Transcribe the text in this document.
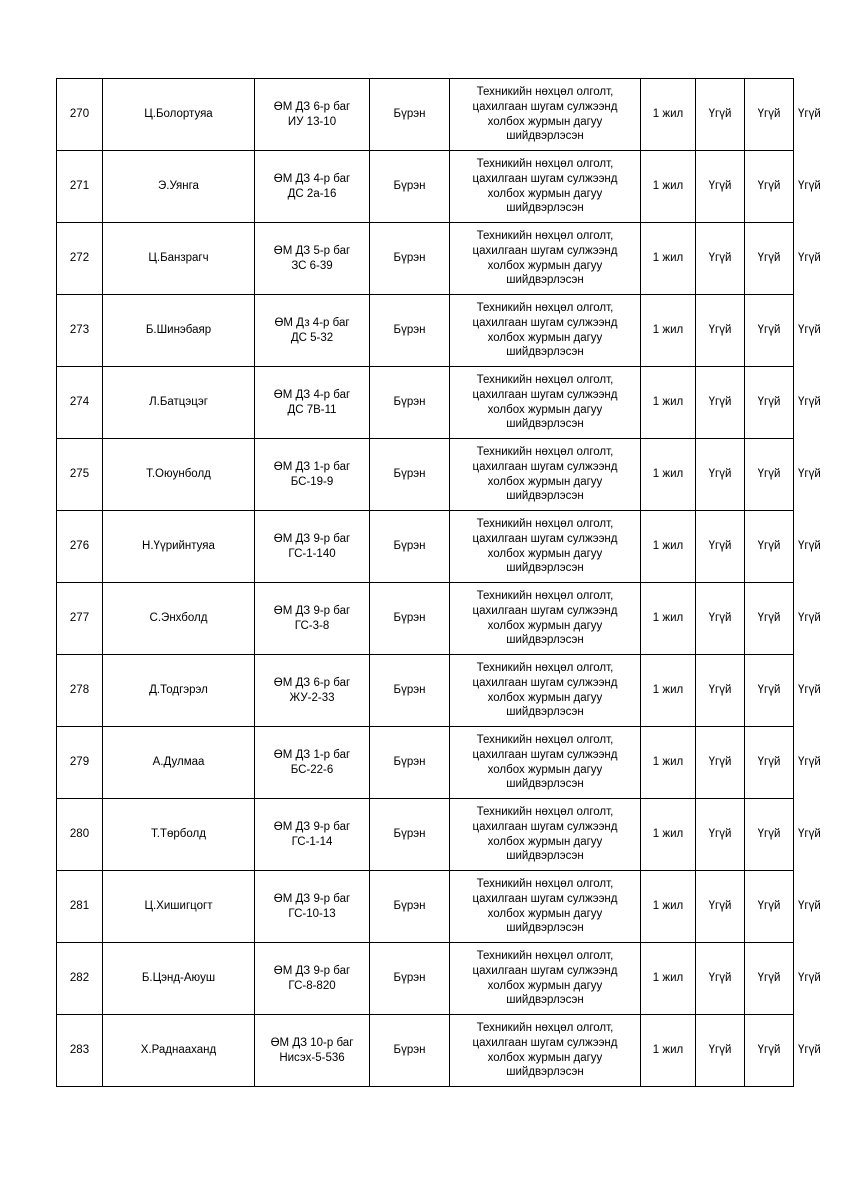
270	Ц.Болортуяа	ӨМ ДЗ 6-р баг
ИУ 13-10	Бүрэн	Техникийн нөхцөл олголт, цахилгаан шугам сулжээнд холбох журмын дагуу шийдвэрлэсэн	1 жил	Үгүй	Үгүй	Үгүй
271	Э.Уянга	ӨМ ДЗ 4-р баг
ДС 2а-16	Бүрэн	Техникийн нөхцөл олголт, цахилгаан шугам сулжээнд холбох журмын дагуу шийдвэрлэсэн	1 жил	Үгүй	Үгүй	Үгүй
272	Ц.Банзрагч	ӨМ ДЗ 5-р баг
ЗС 6-39	Бүрэн	Техникийн нөхцөл олголт, цахилгаан шугам сулжээнд холбох журмын дагуу шийдвэрлэсэн	1 жил	Үгүй	Үгүй	Үгүй
273	Б.Шинэбаяр	ӨМ Дз 4-р баг
ДС 5-32	Бүрэн	Техникийн нөхцөл олголт, цахилгаан шугам сулжээнд холбох журмын дагуу шийдвэрлэсэн	1 жил	Үгүй	Үгүй	Үгүй
274	Л.Батцэцэг	ӨМ ДЗ 4-р баг
ДС 7В-11	Бүрэн	Техникийн нөхцөл олголт, цахилгаан шугам сулжээнд холбох журмын дагуу шийдвэрлэсэн	1 жил	Үгүй	Үгүй	Үгүй
275	Т.Оюунболд	ӨМ ДЗ 1-р баг
БС-19-9	Бүрэн	Техникийн нөхцөл олголт, цахилгаан шугам сулжээнд холбох журмын дагуу шийдвэрлэсэн	1 жил	Үгүй	Үгүй	Үгүй
276	Н.Үүрийнтуяа	ӨМ ДЗ 9-р баг
ГС-1-140	Бүрэн	Техникийн нөхцөл олголт, цахилгаан шугам сулжээнд холбох журмын дагуу шийдвэрлэсэн	1 жил	Үгүй	Үгүй	Үгүй
277	С.Энхболд	ӨМ ДЗ 9-р баг
ГС-3-8	Бүрэн	Техникийн нөхцөл олголт, цахилгаан шугам сулжээнд холбох журмын дагуу шийдвэрлэсэн	1 жил	Үгүй	Үгүй	Үгүй
278	Д.Тодгэрэл	ӨМ ДЗ 6-р баг
ЖУ-2-33	Бүрэн	Техникийн нөхцөл олголт, цахилгаан шугам сулжээнд холбох журмын дагуу шийдвэрлэсэн	1 жил	Үгүй	Үгүй	Үгүй
279	А.Дулмаа	ӨМ ДЗ 1-р баг
БС-22-6	Бүрэн	Техникийн нөхцөл олголт, цахилгаан шугам сулжээнд холбох журмын дагуу шийдвэрлэсэн	1 жил	Үгүй	Үгүй	Үгүй
280	Т.Төрболд	ӨМ ДЗ 9-р баг
ГС-1-14	Бүрэн	Техникийн нөхцөл олголт, цахилгаан шугам сулжээнд холбох журмын дагуу шийдвэрлэсэн	1 жил	Үгүй	Үгүй	Үгүй
281	Ц.Хишигцогт	ӨМ ДЗ 9-р баг
ГС-10-13	Бүрэн	Техникийн нөхцөл олголт, цахилгаан шугам сулжээнд холбох журмын дагуу шийдвэрлэсэн	1 жил	Үгүй	Үгүй	Үгүй
282	Б.Цэнд-Аюуш	ӨМ ДЗ 9-р баг
ГС-8-820	Бүрэн	Техникийн нөхцөл олголт, цахилгаан шугам сулжээнд холбох журмын дагуу шийдвэрлэсэн	1 жил	Үгүй	Үгүй	Үгүй
283	Х.Раднааханд	ӨМ ДЗ 10-р баг
Нисэх-5-536	Бүрэн	Техникийн нөхцөл олголт, цахилгаан шугам сулжээнд холбох журмын дагуу шийдвэрлэсэн	1 жил	Үгүй	Үгүй	Үгүй
